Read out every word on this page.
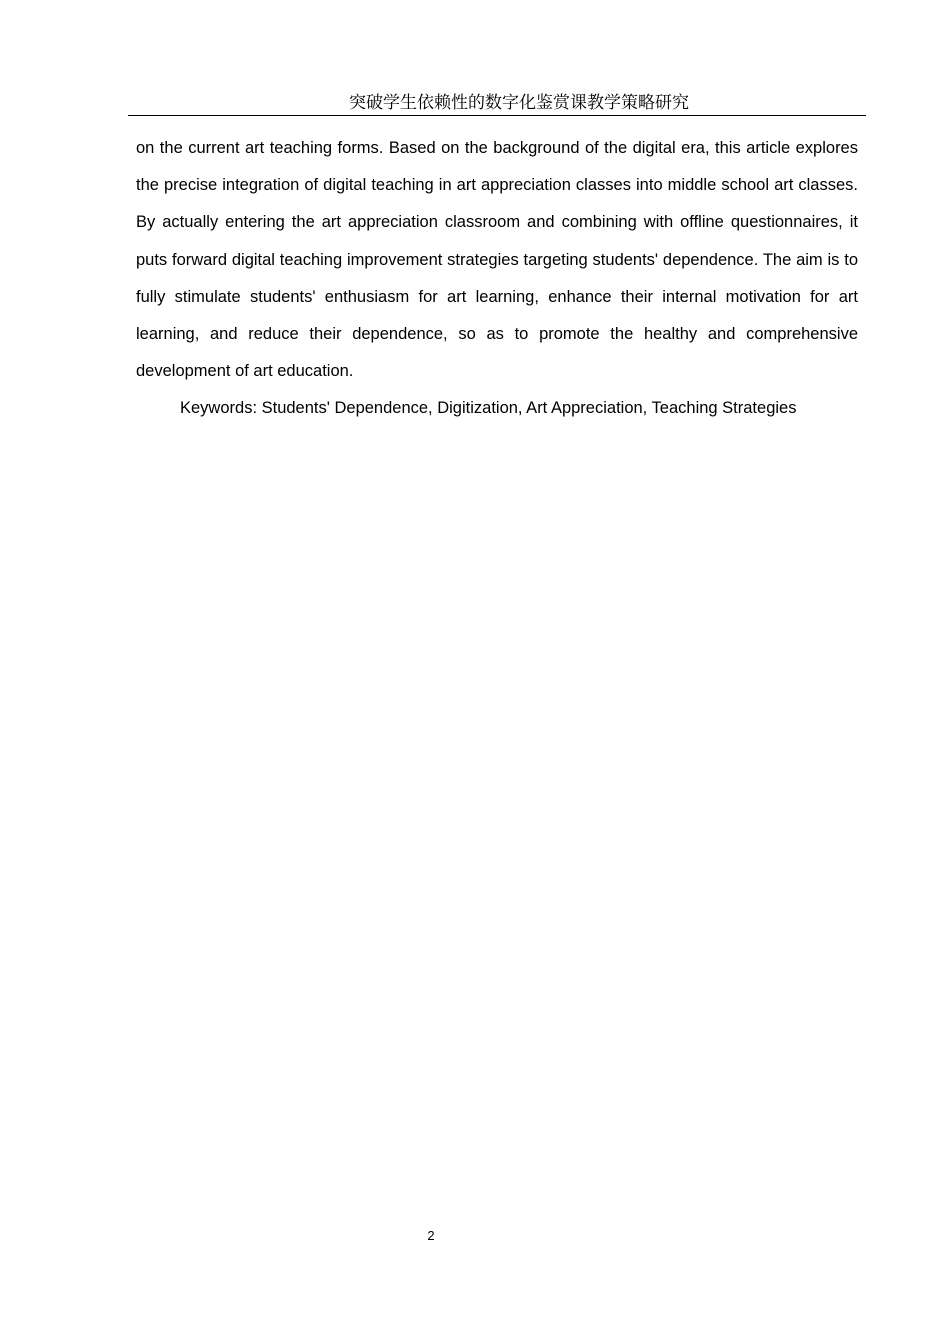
突破学生依赖性的数字化鉴赏课教学策略研究

on the current art teaching forms. Based on the background of the digital era, this article explores the precise integration of digital teaching in art appreciation classes into middle school art classes. By actually entering the art appreciation classroom and combining with offline questionnaires, it puts forward digital teaching improvement strategies targeting students' dependence. The aim is to fully stimulate students' enthusiasm for art learning, enhance their internal motivation for art learning, and reduce their dependence, so as to promote the healthy and comprehensive development of art education.

Keywords: Students' Dependence, Digitization, Art Appreciation, Teaching Strategies

2
